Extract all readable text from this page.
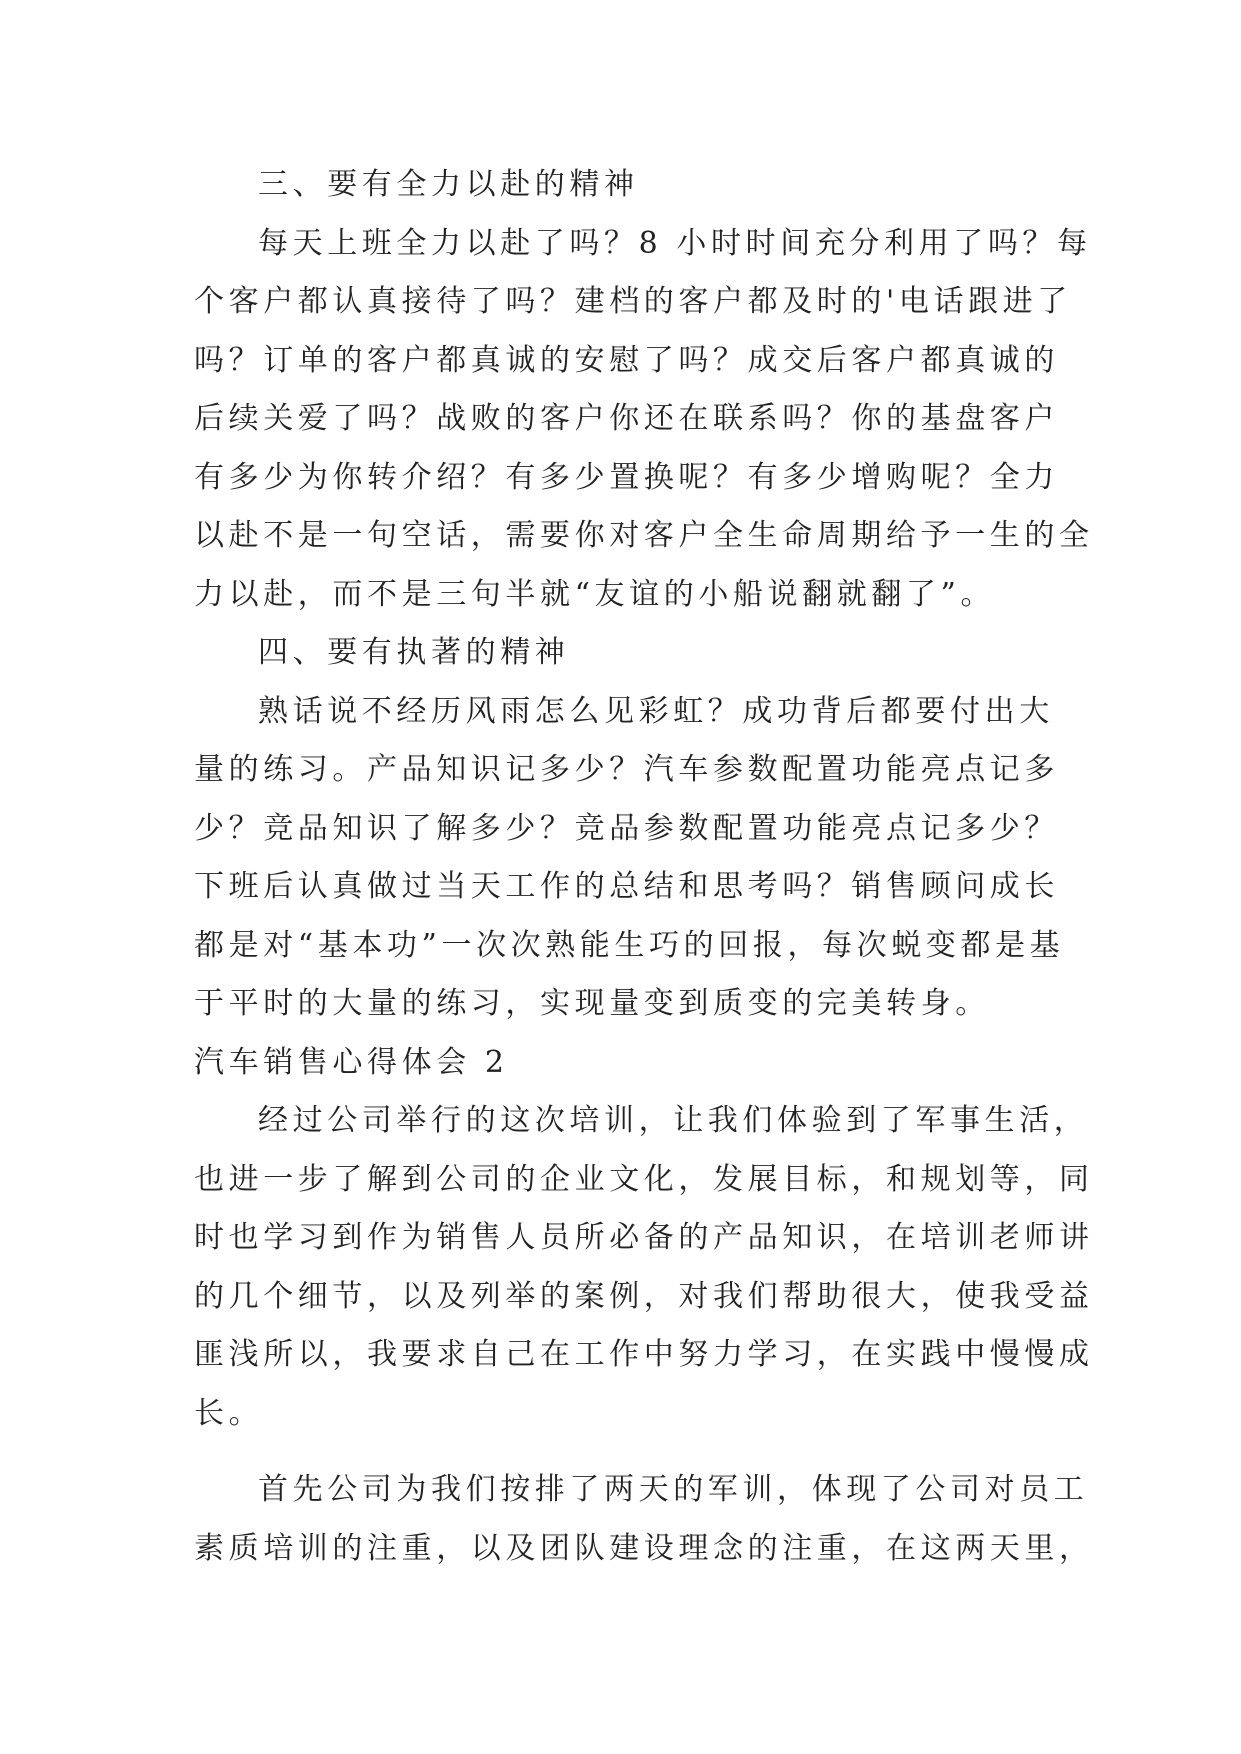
三、要有全力以赴的精神
每天上班全力以赴了吗？8 小时时间充分利用了吗？每
个客户都认真接待了吗？建档的客户都及时的'电话跟进了
吗？订单的客户都真诚的安慰了吗？成交后客户都真诚的
后续关爱了吗？战败的客户你还在联系吗？你的基盘客户
有多少为你转介绍？有多少置换呢？有多少增购呢？全力
以赴不是一句空话，需要你对客户全生命周期给予一生的全
力以赴，而不是三句半就“友谊的小船说翻就翻了”。
四、要有执著的精神
熟话说不经历风雨怎么见彩虹？成功背后都要付出大
量的练习。产品知识记多少？汽车参数配置功能亮点记多
少？竞品知识了解多少？竞品参数配置功能亮点记多少？
下班后认真做过当天工作的总结和思考吗？销售顾问成长
都是对“基本功”一次次熟能生巧的回报，每次蜕变都是基
于平时的大量的练习，实现量变到质变的完美转身。
汽车销售心得体会 2
经过公司举行的这次培训，让我们体验到了军事生活，
也进一步了解到公司的企业文化，发展目标，和规划等，同
时也学习到作为销售人员所必备的产品知识，在培训老师讲
的几个细节，以及列举的案例，对我们帮助很大，使我受益
匪浅所以，我要求自己在工作中努力学习，在实践中慢慢成
长。
首先公司为我们按排了两天的军训，体现了公司对员工
素质培训的注重，以及团队建设理念的注重，在这两天里，
